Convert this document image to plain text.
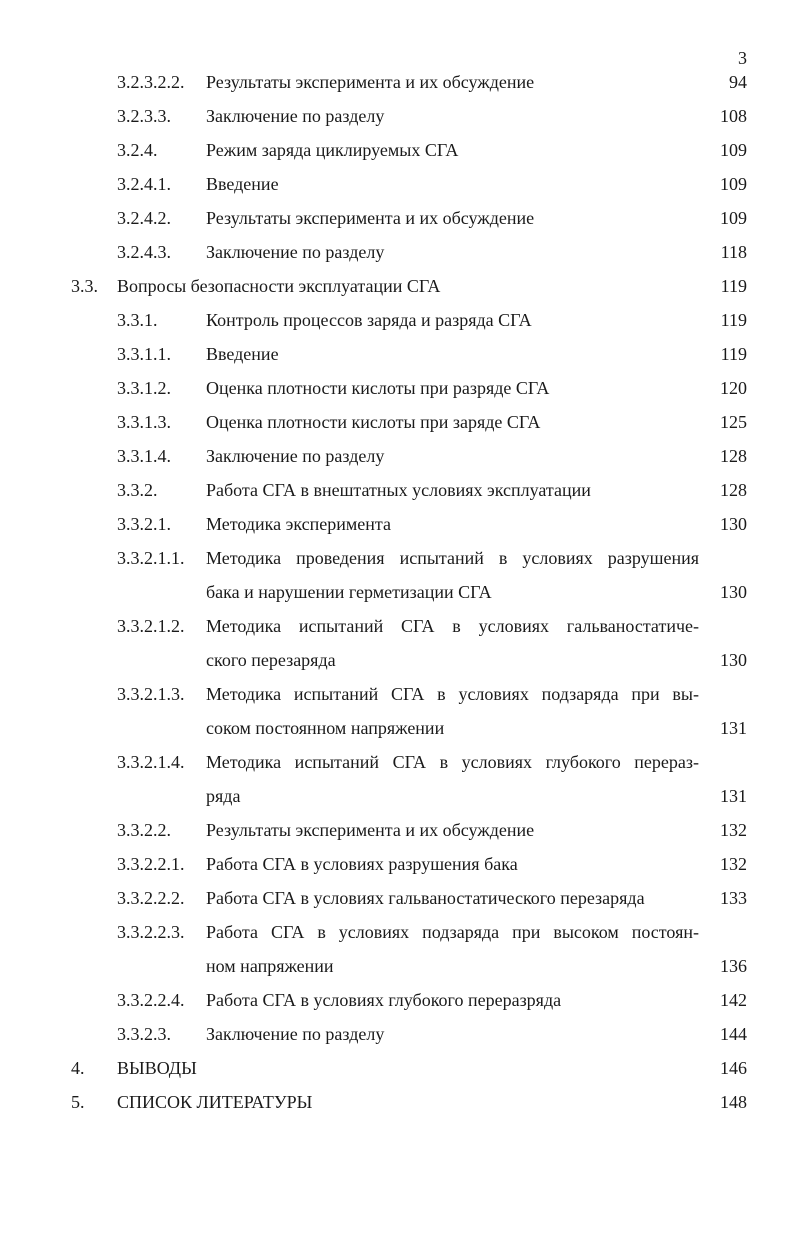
3
3.2.3.2.2. Результаты эксперимента и их обсуждение	94
3.2.3.3. Заключение по разделу	108
3.2.4.	Режим заряда циклируемых СГА	109
3.2.4.1. Введение	109
3.2.4.2. Результаты эксперимента и их обсуждение	109
3.2.4.3. Заключение по разделу	118
3.3. Вопросы безопасности эксплуатации СГА	119
3.3.1.	Контроль процессов заряда и разряда СГА	119
3.3.1.1. Введение	119
3.3.1.2. Оценка плотности кислоты при разряде СГА	120
3.3.1.3. Оценка плотности кислоты при заряде СГА	125
3.3.1.4. Заключение по разделу	128
3.3.2.	Работа СГА в внештатных условиях эксплуатации	128
3.3.2.1. Методика эксперимента	130
3.3.2.1.1. Методика проведения испытаний в условиях разрушения
бака и нарушении герметизации СГА	130
3.3.2.1.2. Методика испытаний СГА в условиях гальваностатиче-
ского перезаряда	130
3.3.2.1.3. Методика испытаний СГА в условиях подзаряда при вы-
соком постоянном напряжении	131
3.3.2.1.4. Методика испытаний СГА в условиях глубокого перераз-
ряда	131
3.3.2.2. Результаты эксперимента и их обсуждение	132
3.3.2.2.1. Работа СГА в условиях разрушения бака	132
3.3.2.2.2. Работа СГА в условиях гальваностатического перезаряда	133
3.3.2.2.3. Работа СГА в условиях подзаряда при высоком постоян-
ном напряжении	136
3.3.2.2.4. Работа СГА в условиях глубокого переразряда	142
3.3.2.3. Заключение по разделу	144
4. ВЫВОДЫ	146
5. СПИСОК ЛИТЕРАТУРЫ	148
